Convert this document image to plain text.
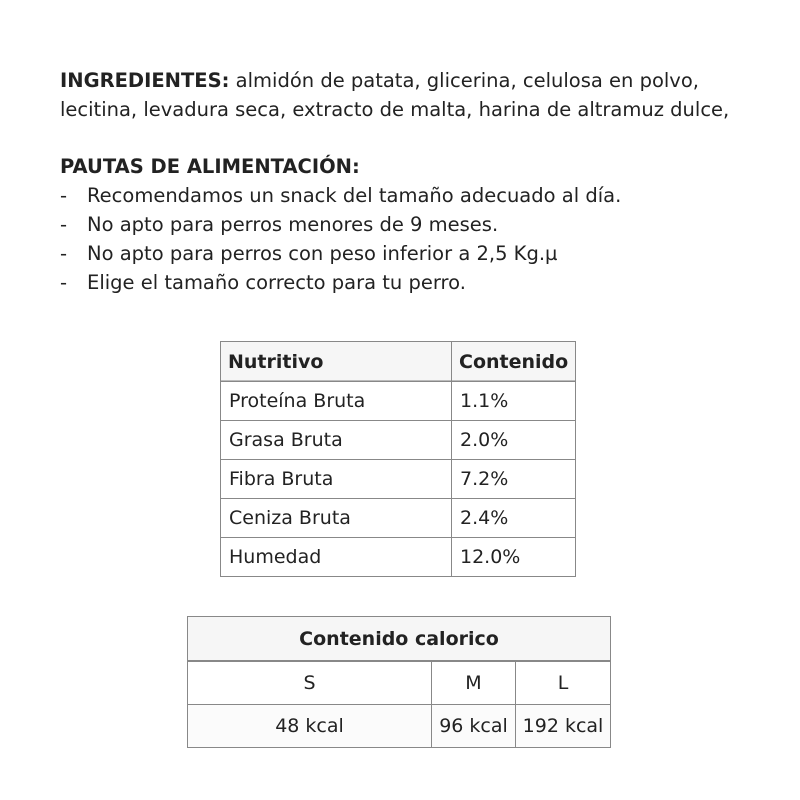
INGREDIENTES: almidón de patata, glicerina, celulosa en polvo, lecitina, levadura seca, extracto de malta, harina de altramuz dulce,

PAUTAS DE ALIMENTACIÓN:

- Recomendamos un snack del tamaño adecuado al día.
- No apto para perros menores de 9 meses.
- No apto para perros con peso inferior a 2,5 Kg.µ
- Elige el tamaño correcto para tu perro.
Nutritivo	Contenido
Proteína Bruta	1.1%
Grasa Bruta	2.0%
Fibra Bruta	7.2%
Ceniza Bruta	2.4%
Humedad	12.0%
Contenido calorico		
S	M	L
48 kcal	96 kcal	192 kcal
